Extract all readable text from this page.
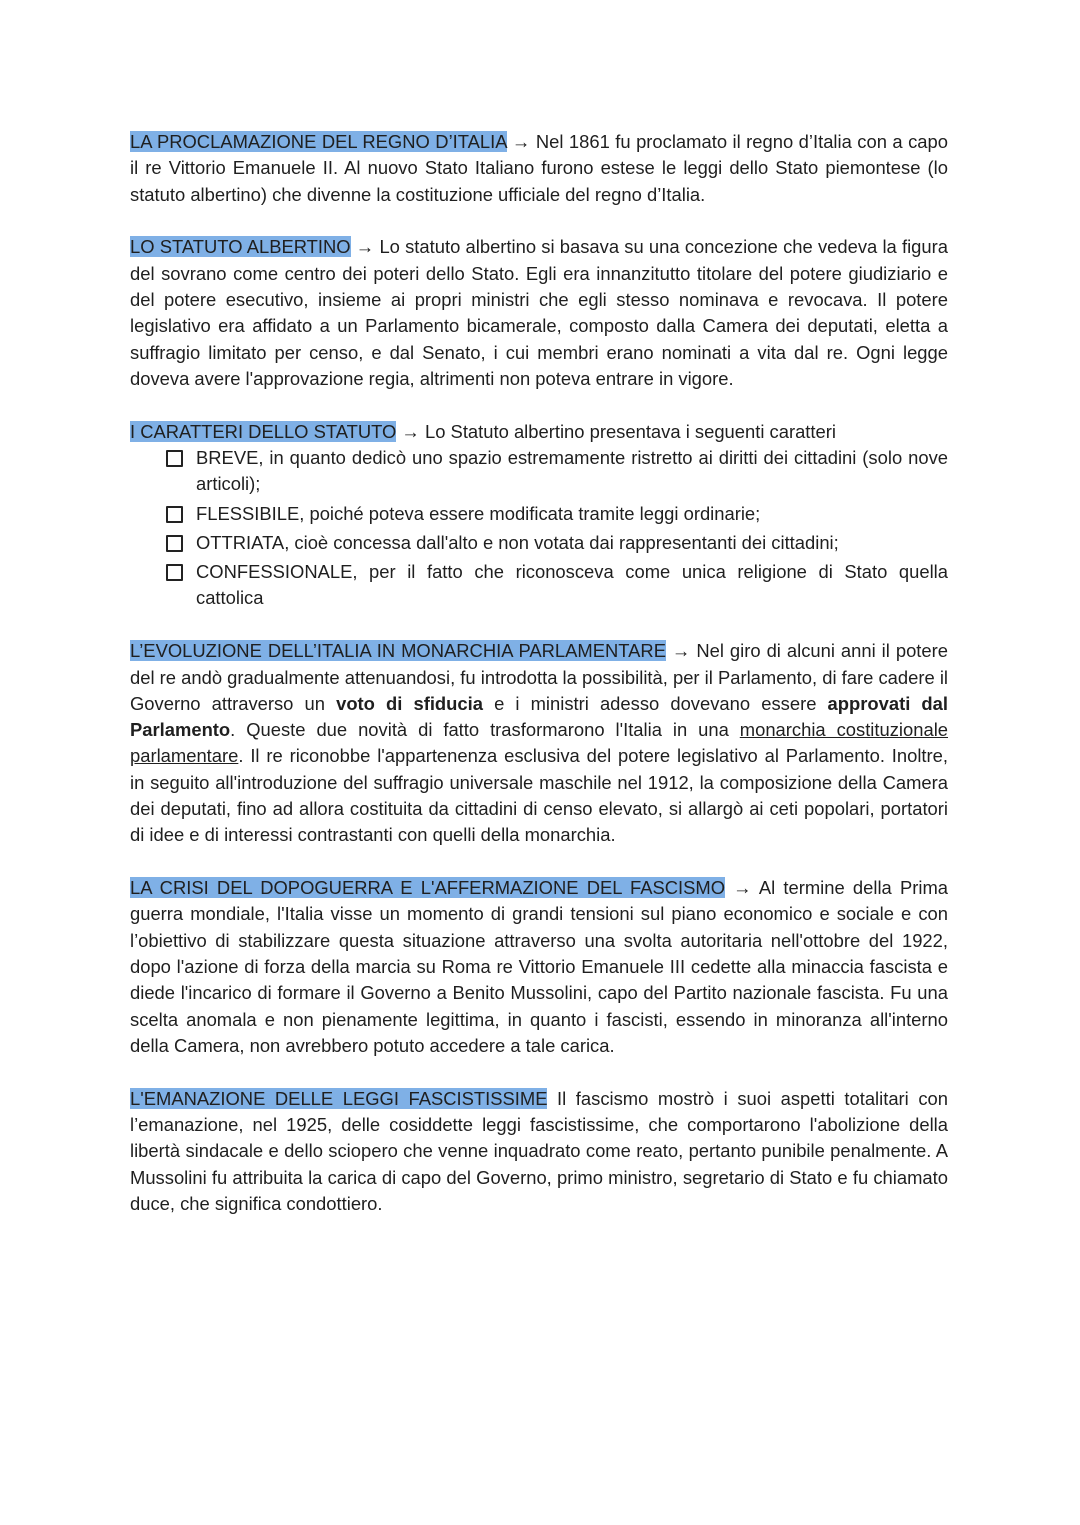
LA PROCLAMAZIONE DEL REGNO D’ITALIA → Nel 1861 fu proclamato il regno d’Italia con a capo il re Vittorio Emanuele II. Al nuovo Stato Italiano furono estese le leggi dello Stato piemontese (lo statuto albertino) che divenne la costituzione ufficiale del regno d’Italia.

LO STATUTO ALBERTINO → Lo statuto albertino si basava su una concezione che vedeva la figura del sovrano come centro dei poteri dello Stato. Egli era innanzitutto titolare del potere giudiziario e del potere esecutivo, insieme ai propri ministri che egli stesso nominava e revocava. Il potere legislativo era affidato a un Parlamento bicamerale, composto dalla Camera dei deputati, eletta a suffragio limitato per censo, e dal Senato, i cui membri erano nominati a vita dal re. Ogni legge doveva avere l'approvazione regia, altrimenti non poteva entrare in vigore.

I CARATTERI DELLO STATUTO → Lo Statuto albertino presentava i seguenti caratteri

BREVE, in quanto dedicò uno spazio estremamente ristretto ai diritti dei cittadini (solo nove articoli);
FLESSIBILE, poiché poteva essere modificata tramite leggi ordinarie;
OTTRIATA, cioè concessa dall'alto e non votata dai rappresentanti dei cittadini;
CONFESSIONALE, per il fatto che riconosceva come unica religione di Stato quella cattolica

L’EVOLUZIONE DELL’ITALIA IN MONARCHIA PARLAMENTARE → Nel giro di alcuni anni il potere del re andò gradualmente attenuandosi, fu introdotta la possibilità, per il Parlamento, di fare cadere il Governo attraverso un voto di sfiducia e i ministri adesso dovevano essere approvati dal Parlamento. Queste due novità di fatto trasformarono l'Italia in una monarchia costituzionale parlamentare. Il re riconobbe l'appartenenza esclusiva del potere legislativo al Parlamento. Inoltre, in seguito all'introduzione del suffragio universale maschile nel 1912, la composizione della Camera dei deputati, fino ad allora costituita da cittadini di censo elevato, si allargò ai ceti popolari, portatori di idee e di interessi contrastanti con quelli della monarchia.

LA CRISI DEL DOPOGUERRA E L'AFFERMAZIONE DEL FASCISMO → Al termine della Prima guerra mondiale, l'Italia visse un momento di grandi tensioni sul piano economico e sociale e con l’obiettivo di stabilizzare questa situazione attraverso una svolta autoritaria nell'ottobre del 1922, dopo l'azione di forza della marcia su Roma re Vittorio Emanuele III cedette alla minaccia fascista e diede l'incarico di formare il Governo a Benito Mussolini, capo del Partito nazionale fascista. Fu una scelta anomala e non pienamente legittima, in quanto i fascisti, essendo in minoranza all'interno della Camera, non avrebbero potuto accedere a tale carica.

L'EMANAZIONE DELLE LEGGI FASCISTISSIME Il fascismo mostrò i suoi aspetti totalitari con l’emanazione, nel 1925, delle cosiddette leggi fascistissime, che comportarono l'abolizione della libertà sindacale e dello sciopero che venne inquadrato come reato, pertanto punibile penalmente. A Mussolini fu attribuita la carica di capo del Governo, primo ministro, segretario di Stato e fu chiamato duce, che significa condottiero.
